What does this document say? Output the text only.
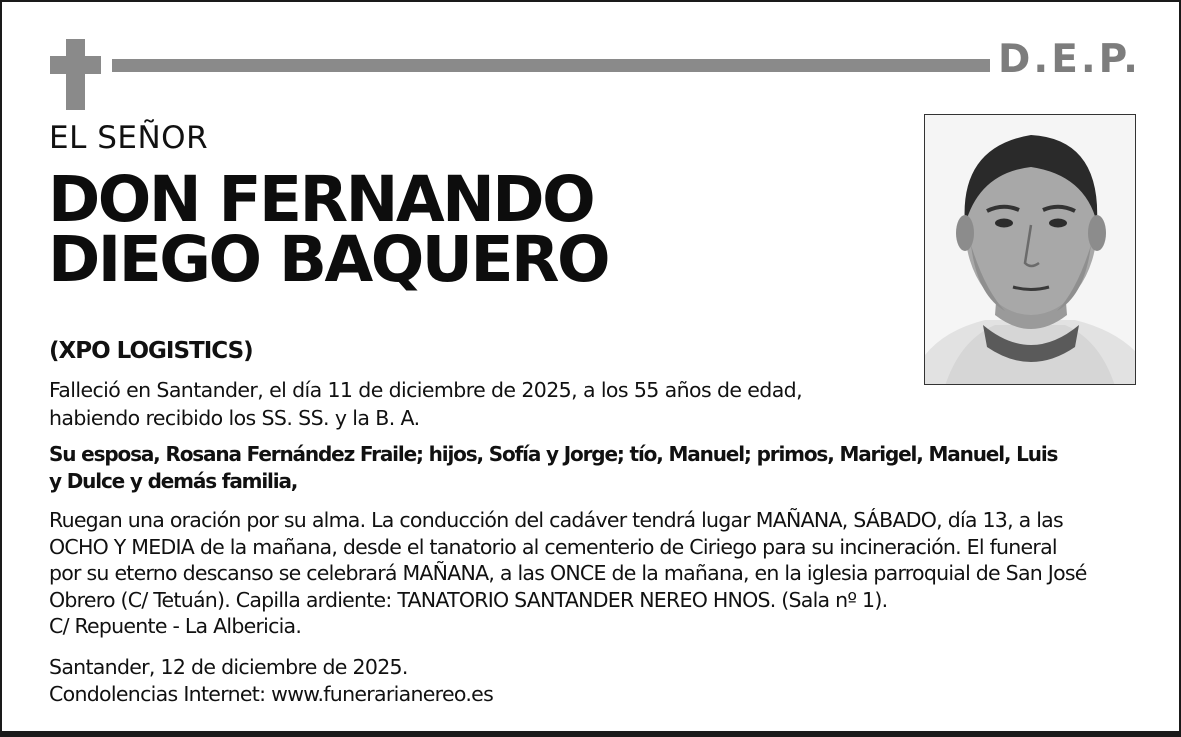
D.E.P.
EL SEÑOR
DON FERNANDO
DIEGO BAQUERO
(XPO LOGISTICS)
Falleció en Santander, el día 11 de diciembre de 2025, a los 55 años de edad,
habiendo recibido los SS. SS. y la B. A.
Su esposa, Rosana Fernández Fraile; hijos, Sofía y Jorge; tío, Manuel; primos, Marigel, Manuel, Luis
y Dulce y demás familia,
Ruegan una oración por su alma. La conducción del cadáver tendrá lugar MAÑANA, SÁBADO, día 13, a las
OCHO Y MEDIA de la mañana, desde el tanatorio al cementerio de Ciriego para su incineración. El funeral
por su eterno descanso se celebrará MAÑANA, a las ONCE de la mañana, en la iglesia parroquial de San José
Obrero (C/ Tetuán). Capilla ardiente: TANATORIO SANTANDER NEREO HNOS. (Sala nº 1).
C/ Repuente - La Albericia.
Santander, 12 de diciembre de 2025.
Condolencias Internet: www.funerarianereo.es
